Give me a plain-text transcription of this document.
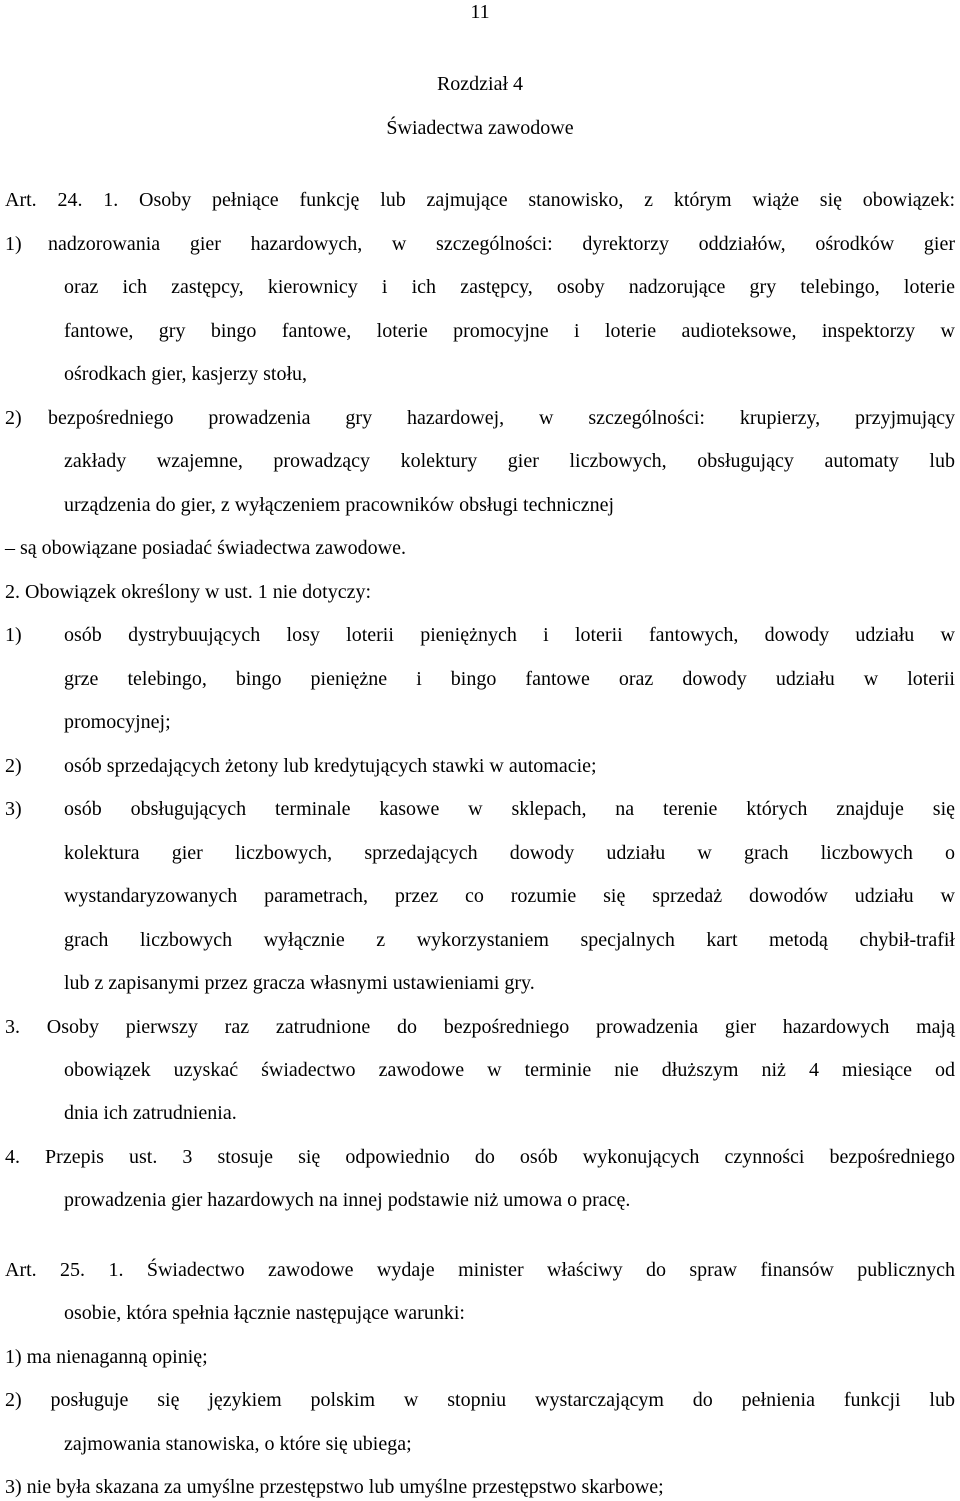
11
Rozdział 4
Świadectwa zawodowe
Art. 24. 1. Osoby pełniące funkcję lub zajmujące stanowisko, z którym wiąże się obowiązek:
1)	nadzorowania gier hazardowych, w szczególności: dyrektorzy oddziałów, ośrodków gier
oraz ich zastępcy, kierownicy i ich zastępcy, osoby nadzorujące gry telebingo, loterie
fantowe, gry bingo fantowe, loterie promocyjne i loterie audioteksowe, inspektorzy w
ośrodkach gier, kasjerzy stołu,
2)	bezpośredniego prowadzenia gry hazardowej, w szczególności: krupierzy, przyjmujący
zakłady wzajemne, prowadzący kolektury gier liczbowych, obsługujący automaty lub
urządzenia do gier, z wyłączeniem pracowników obsługi technicznej
– są obowiązane posiadać świadectwa zawodowe.
2. Obowiązek określony w ust. 1 nie dotyczy:
1)	osób dystrybuujących losy loterii pieniężnych i loterii fantowych, dowody udziału w
grze telebingo, bingo pieniężne i bingo fantowe oraz dowody udziału w loterii
promocyjnej;
2)	osób sprzedających żetony lub kredytujących stawki w automacie;
3)	osób obsługujących terminale kasowe w sklepach, na terenie których znajduje się
kolektura gier liczbowych, sprzedających dowody udziału w grach liczbowych o
wystandaryzowanych parametrach, przez co rozumie się sprzedaż dowodów udziału w
grach liczbowych wyłącznie z wykorzystaniem specjalnych kart metodą chybił-trafił
lub z zapisanymi przez gracza własnymi ustawieniami gry.
3. Osoby pierwszy raz zatrudnione do bezpośredniego prowadzenia gier hazardowych mają
obowiązek uzyskać świadectwo zawodowe w terminie nie dłuższym niż 4 miesiące od
dnia ich zatrudnienia.
4. Przepis ust. 3 stosuje się odpowiednio do osób wykonujących czynności bezpośredniego
prowadzenia gier hazardowych na innej podstawie niż umowa o pracę.
Art. 25. 1. Świadectwo zawodowe wydaje minister właściwy do spraw finansów publicznych
osobie, która spełnia łącznie następujące warunki:
1) ma nienaganną opinię;
2) posługuje się językiem polskim w stopniu wystarczającym do pełnienia funkcji lub
zajmowania stanowiska, o które się ubiega;
3) nie była skazana za umyślne przestępstwo lub umyślne przestępstwo skarbowe;
